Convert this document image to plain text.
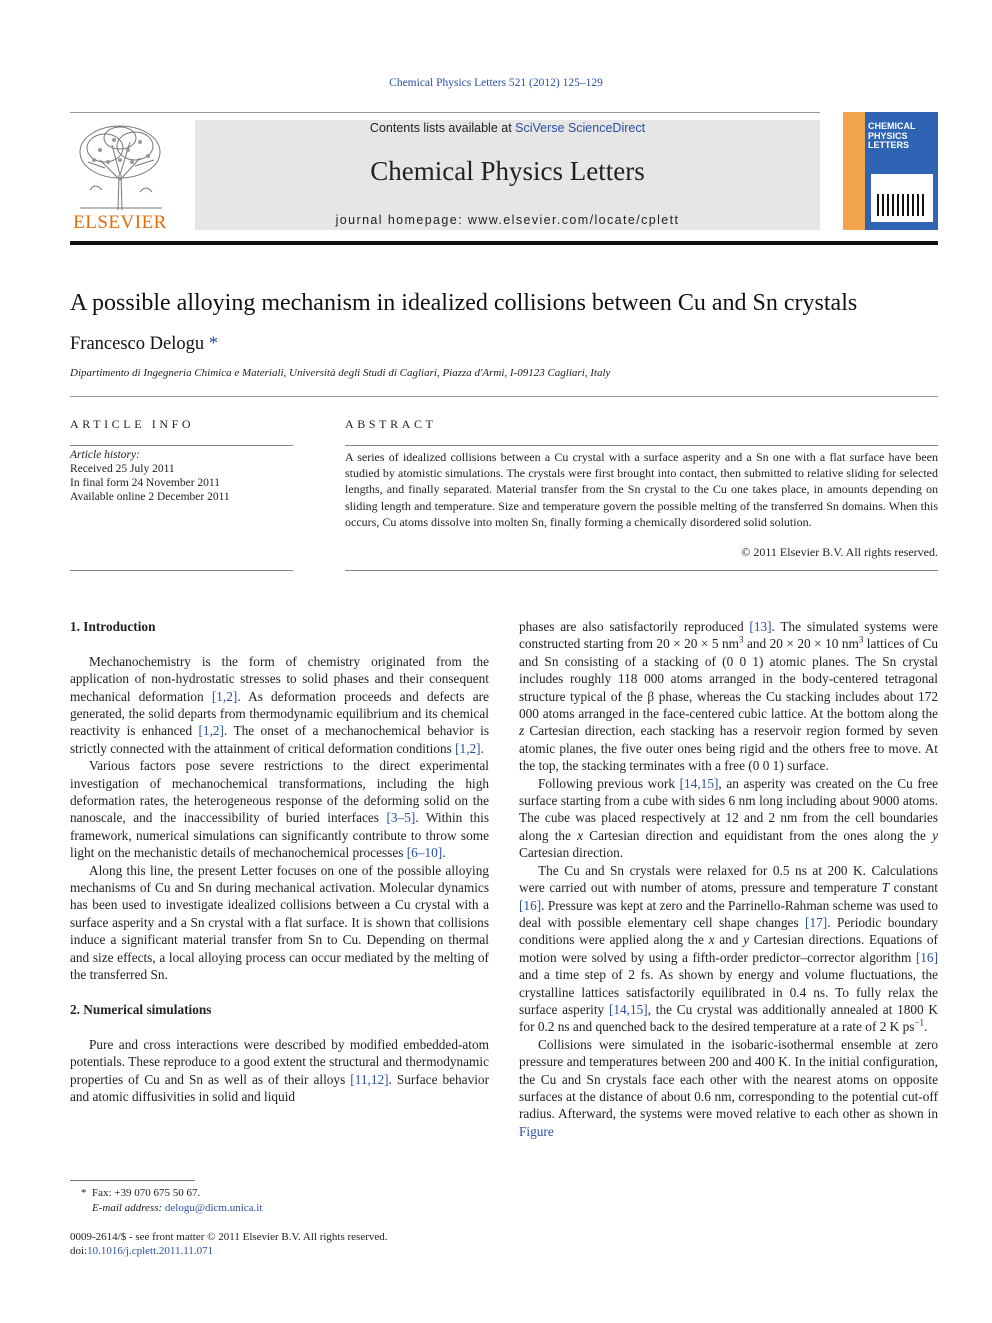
Chemical Physics Letters 521 (2012) 125–129
ELSEVIER
Contents lists available at SciVerse ScienceDirect
Chemical Physics Letters
journal homepage: www.elsevier.com/locate/cplett
CHEMICAL
PHYSICS
LETTERS
A possible alloying mechanism in idealized collisions between Cu and Sn crystals
Francesco Delogu *
Dipartimento di Ingegneria Chimica e Materiali, Università degli Studi di Cagliari, Piazza d'Armi, I-09123 Cagliari, Italy
ARTICLE INFO
Article history:
Received 25 July 2011
In final form 24 November 2011
Available online 2 December 2011
ABSTRACT
A series of idealized collisions between a Cu crystal with a surface asperity and a Sn one with a flat surface have been studied by atomistic simulations. The crystals were first brought into contact, then submitted to relative sliding for selected lengths, and finally separated. Material transfer from the Sn crystal to the Cu one takes place, in amounts depending on sliding length and temperature. Size and temperature govern the possible melting of the transferred Sn domains. When this occurs, Cu atoms dissolve into molten Sn, finally forming a chemically disordered solid solution.
© 2011 Elsevier B.V. All rights reserved.
1. Introduction

Mechanochemistry is the form of chemistry originated from the application of non-hydrostatic stresses to solid phases and their consequent mechanical deformation [1,2]. As deformation proceeds and defects are generated, the solid departs from thermodynamic equilibrium and its chemical reactivity is enhanced [1,2]. The onset of a mechanochemical behavior is strictly connected with the attainment of critical deformation conditions [1,2].

Various factors pose severe restrictions to the direct experimental investigation of mechanochemical transformations, including the high deformation rates, the heterogeneous response of the deforming solid on the nanoscale, and the inaccessibility of buried interfaces [3–5]. Within this framework, numerical simulations can significantly contribute to throw some light on the mechanistic details of mechanochemical processes [6–10].

Along this line, the present Letter focuses on one of the possible alloying mechanisms of Cu and Sn during mechanical activation. Molecular dynamics has been used to investigate idealized collisions between a Cu crystal with a surface asperity and a Sn crystal with a flat surface. It is shown that collisions induce a significant material transfer from Sn to Cu. Depending on thermal and size effects, a local alloying process can occur mediated by the melting of the transferred Sn.

2. Numerical simulations

Pure and cross interactions were described by modified embedded-atom potentials. These reproduce to a good extent the structural and thermodynamic properties of Cu and Sn as well as of their alloys [11,12]. Surface behavior and atomic diffusivities in solid and liquid

phases are also satisfactorily reproduced [13]. The simulated systems were constructed starting from 20 × 20 × 5 $nm^3$ and 20 × 20 × 10 $nm^3$ lattices of Cu and Sn consisting of a stacking of (0 0 1) atomic planes. The Sn crystal includes roughly 118 000 atoms arranged in the body-centered tetragonal structure typical of the β phase, whereas the Cu stacking includes about 172 000 atoms arranged in the face-centered cubic lattice. At the bottom along the z Cartesian direction, each stacking has a reservoir region formed by seven atomic planes, the five outer ones being rigid and the others free to move. At the top, the stacking terminates with a free (0 0 1) surface.

Following previous work [14,15], an asperity was created on the Cu free surface starting from a cube with sides 6 nm long including about 9000 atoms. The cube was placed respectively at 12 and 2 nm from the cell boundaries along the x Cartesian direction and equidistant from the ones along the y Cartesian direction.

The Cu and Sn crystals were relaxed for 0.5 ns at 200 K. Calculations were carried out with number of atoms, pressure and temperature T constant [16]. Pressure was kept at zero and the Parrinello-Rahman scheme was used to deal with possible elementary cell shape changes [17]. Periodic boundary conditions were applied along the x and y Cartesian directions. Equations of motion were solved by using a fifth-order predictor–corrector algorithm [16] and a time step of 2 fs. As shown by energy and volume fluctuations, the crystalline lattices satisfactorily equilibrated in 0.4 ns. To fully relax the surface asperity [14,15], the Cu crystal was additionally annealed at 1800 K for 0.2 ns and quenched back to the desired temperature at a rate of 2 K $ps^{-1}$.

Collisions were simulated in the isobaric-isothermal ensemble at zero pressure and temperatures between 200 and 400 K. In the initial configuration, the Cu and Sn crystals face each other with the nearest atoms on opposite surfaces at the distance of about 0.6 nm, corresponding to the potential cut-off radius. Afterward, the systems were moved relative to each other as shown in Figure

*  Fax: +39 070 675 50 67.
E-mail address: delogu@dicm.unica.it
0009-2614/$ - see front matter © 2011 Elsevier B.V. All rights reserved.
doi:10.1016/j.cplett.2011.11.071
